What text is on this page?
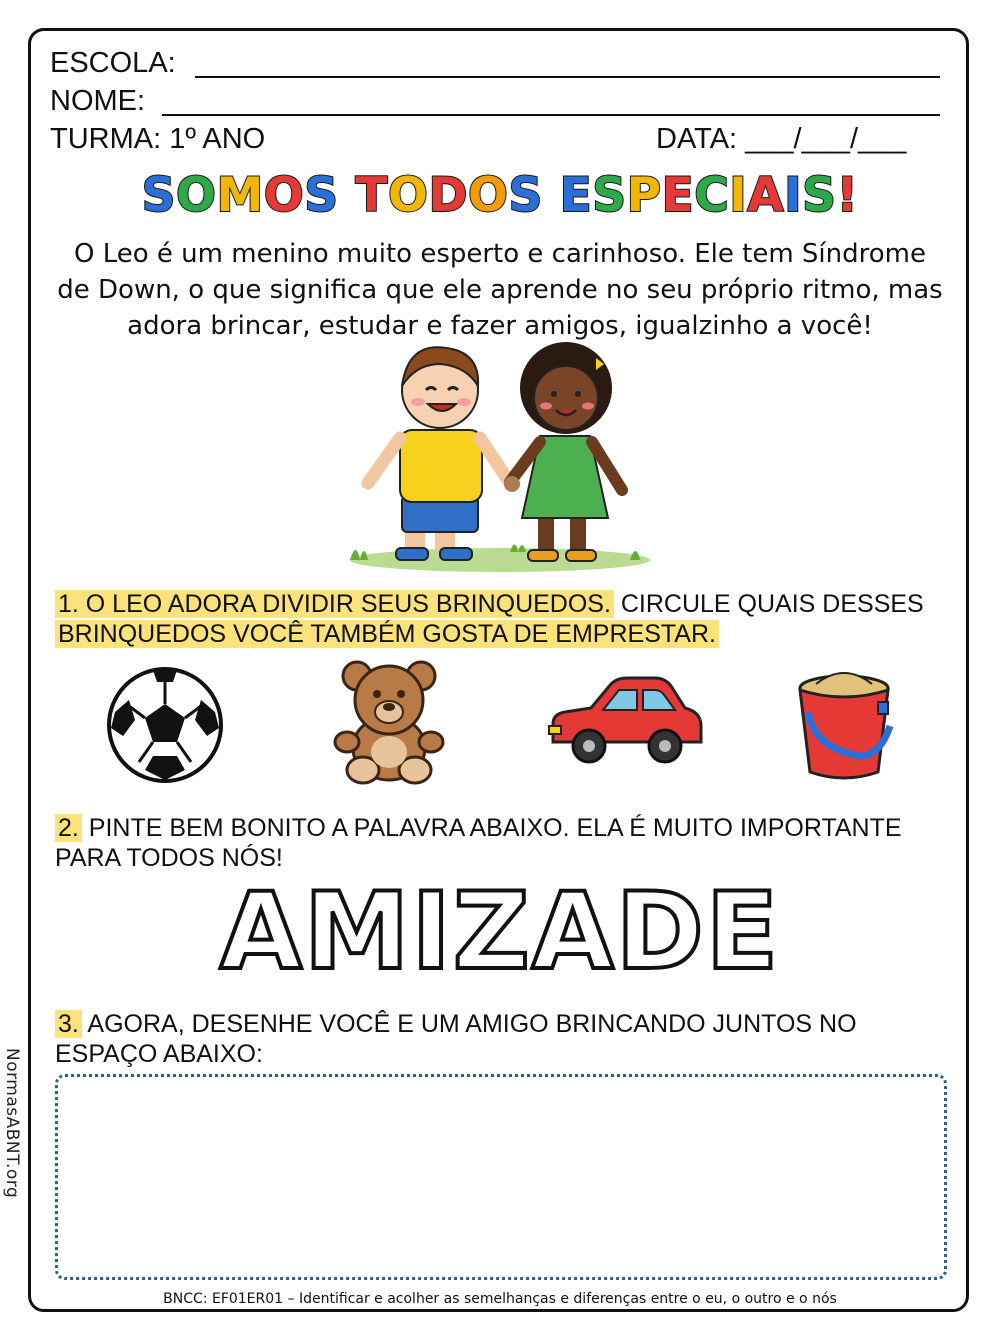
NormasABNT.org
ESCOLA:
NOME:
TURMA: 1º ANO	DATA: ___/___/___
SOMOS TODOS ESPECIAIS!
O Leo é um menino muito esperto e carinhoso. Ele tem Síndrome
de Down, o que significa que ele aprende no seu próprio ritmo, mas
adora brincar, estudar e fazer amigos, igualzinho a você!
1. O LEO ADORA DIVIDIR SEUS BRINQUEDOS. CIRCULE QUAIS DESSES
BRINQUEDOS VOCÊ TAMBÉM GOSTA DE EMPRESTAR.
2. PINTE BEM BONITO A PALAVRA ABAIXO. ELA É MUITO IMPORTANTE
PARA TODOS NÓS!
AMIZADE
3. AGORA, DESENHE VOCÊ E UM AMIGO BRINCANDO JUNTOS NO
ESPAÇO ABAIXO:
BNCC: EF01ER01 – Identificar e acolher as semelhanças e diferenças entre o eu, o outro e o nós
